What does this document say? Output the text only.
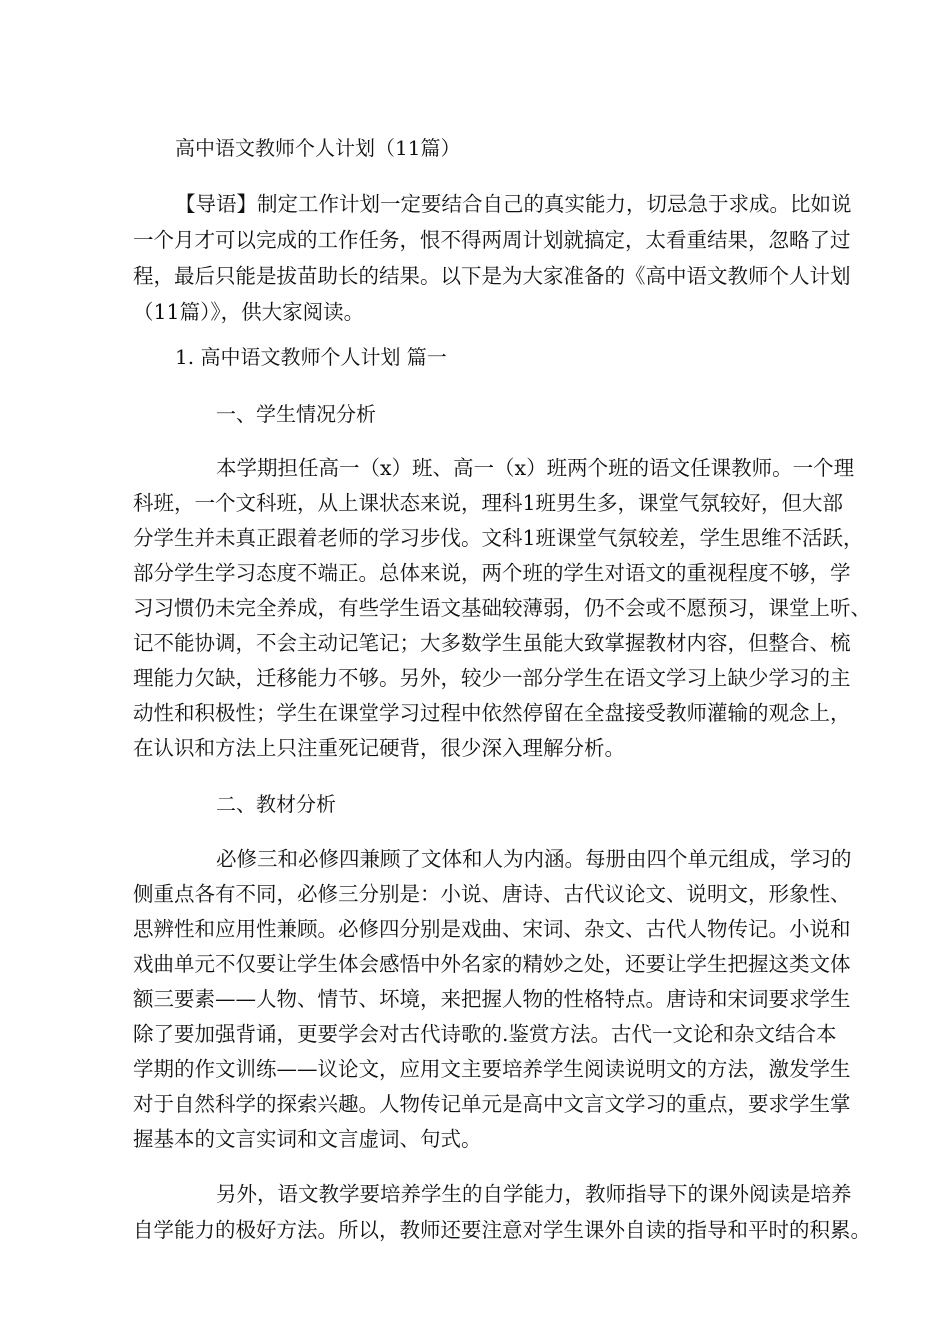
高中语文教师个人计划（11篇）
【导语】制定工作计划一定要结合自己的真实能力，切忌急于求成。比如说
一个月才可以完成的工作任务，恨不得两周计划就搞定，太看重结果，忽略了过
程，最后只能是拔苗助长的结果。以下是为大家准备的《高中语文教师个人计划
（11篇）》，供大家阅读。
1. 高中语文教师个人计划 篇一
一、学生情况分析
本学期担任高一（x）班、高一（x）班两个班的语文任课教师。一个理
科班，一个文科班，从上课状态来说，理科1班男生多，课堂气氛较好，但大部
分学生并未真正跟着老师的学习步伐。文科1班课堂气氛较差，学生思维不活跃，
部分学生学习态度不端正。总体来说，两个班的学生对语文的重视程度不够，学
习习惯仍未完全养成，有些学生语文基础较薄弱，仍不会或不愿预习，课堂上听、
记不能协调，不会主动记笔记；大多数学生虽能大致掌握教材内容，但整合、梳
理能力欠缺，迁移能力不够。另外，较少一部分学生在语文学习上缺少学习的主
动性和积极性；学生在课堂学习过程中依然停留在全盘接受教师灌输的观念上，
在认识和方法上只注重死记硬背，很少深入理解分析。
二、教材分析
必修三和必修四兼顾了文体和人为内涵。每册由四个单元组成，学习的
侧重点各有不同，必修三分别是：小说、唐诗、古代议论文、说明文，形象性、
思辨性和应用性兼顾。必修四分别是戏曲、宋词、杂文、古代人物传记。小说和
戏曲单元不仅要让学生体会感悟中外名家的精妙之处，还要让学生把握这类文体
额三要素——人物、情节、坏境，来把握人物的性格特点。唐诗和宋词要求学生
除了要加强背诵，更要学会对古代诗歌的.鉴赏方法。古代一文论和杂文结合本
学期的作文训练——议论文，应用文主要培养学生阅读说明文的方法，激发学生
对于自然科学的探索兴趣。人物传记单元是高中文言文学习的重点，要求学生掌
握基本的文言实词和文言虚词、句式。
另外，语文教学要培养学生的自学能力，教师指导下的课外阅读是培养
自学能力的极好方法。所以，教师还要注意对学生课外自读的指导和平时的积累。
